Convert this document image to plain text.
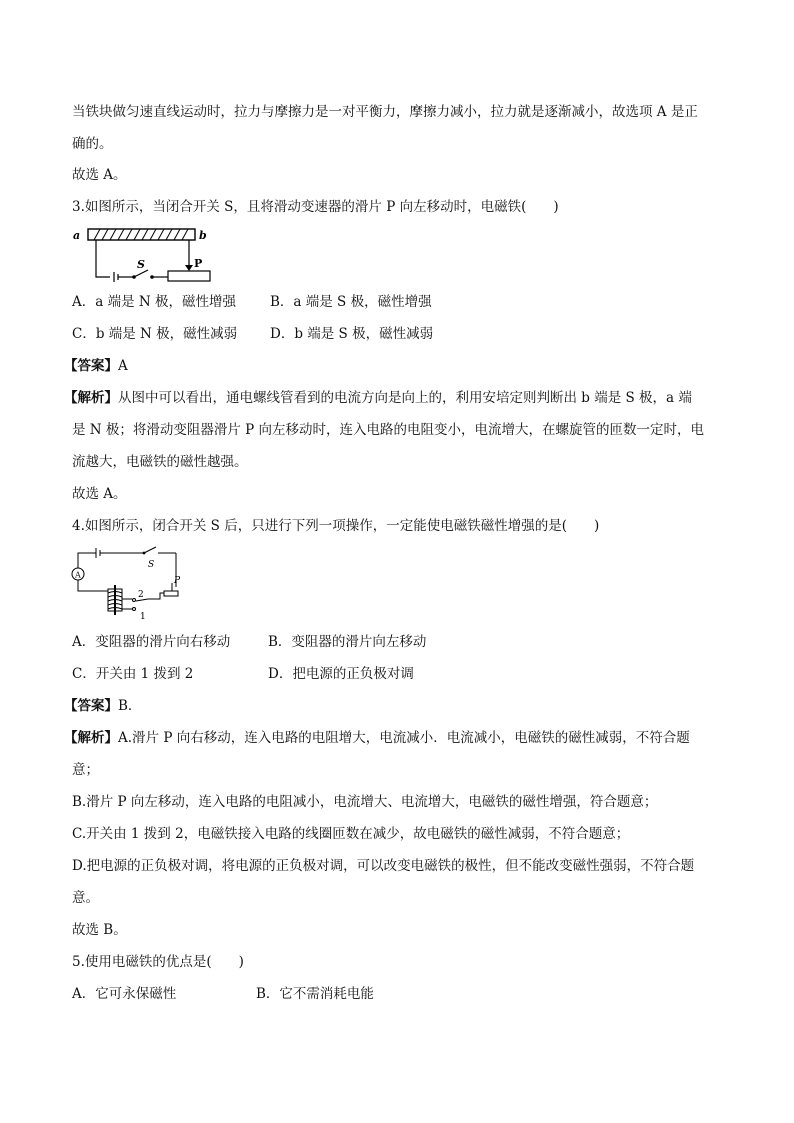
当铁块做匀速直线运动时，拉力与摩擦力是一对平衡力，摩擦力减小，拉力就是逐渐减小，故选项 A 是正
确的。
故选 A。
3.如图所示，当闭合开关 S，且将滑动变速器的滑片 P 向左移动时，电磁铁(　　)
a	b
S	P
A．a 端是 N 极，磁性增强	B．a 端是 S 极，磁性增强
C．b 端是 N 极，磁性减弱 D．b 端是 S 极，磁性减弱
【答案】A
【解析】从图中可以看出，通电螺线管看到的电流方向是向上的，利用安培定则判断出 b 端是 S 极，a 端
是 N 极；将滑动变阻器滑片 P 向左移动时，连入电路的电阻变小，电流增大，在螺旋管的匝数一定时，电
流越大，电磁铁的磁性越强。
故选 A。
4.如图所示，闭合开关 S 后，只进行下列一项操作，一定能使电磁铁磁性增强的是(　　)
A
S
P
2
1
A．变阻器的滑片向右移动	B．变阻器的滑片向左移动
C．开关由 1 拨到 2	D．把电源的正负极对调
【答案】B．
【解析】A.滑片 P 向右移动，连入电路的电阻增大，电流减小．电流减小，电磁铁的磁性减弱，不符合题
意；
B.滑片 P 向左移动，连入电路的电阻减小，电流增大、电流增大，电磁铁的磁性增强，符合题意；
C.开关由 1 拨到 2，电磁铁接入电路的线圈匝数在减少，故电磁铁的磁性减弱，不符合题意；
D.把电源的正负极对调，将电源的正负极对调，可以改变电磁铁的极性，但不能改变磁性强弱，不符合题
意。
故选 B。
5.使用电磁铁的优点是(　　)
A．它可永保磁性	B．它不需消耗电能
